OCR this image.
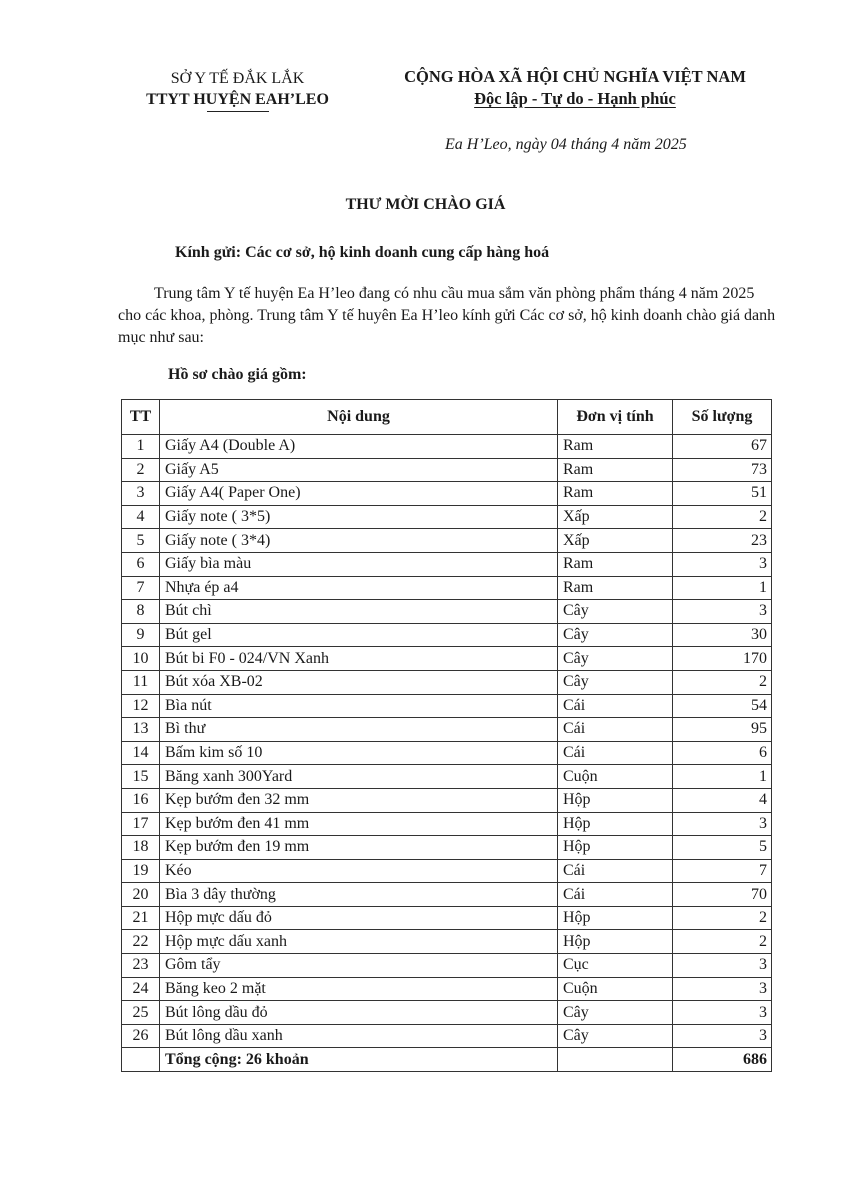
SỞ Y TẾ ĐẮK LẮK
TTYT HUYỆN EAH’LEO
CỘNG HÒA XÃ HỘI CHỦ NGHĨA VIỆT NAM
Độc lập - Tự do - Hạnh phúc
Ea H’Leo, ngày 04 tháng 4 năm 2025
THƯ MỜI CHÀO GIÁ
Kính gửi: Các cơ sở, hộ kinh doanh cung cấp hàng hoá
Trung tâm Y tế huyện Ea H’leo đang có nhu cầu mua sắm văn phòng phẩm tháng 4 năm 2025 cho các khoa, phòng. Trung tâm Y tế huyên Ea H’leo kính gửi Các cơ sở, hộ kinh doanh chào giá danh mục như sau:
Hồ sơ chào giá gồm:
TT	Nội dung	Đơn vị tính	Số lượng
1	Giấy A4 (Double A)	Ram	67
2	Giấy A5	Ram	73
3	Giấy A4( Paper One)	Ram	51
4	Giấy note ( 3*5)	Xấp	2
5	Giấy note ( 3*4)	Xấp	23
6	Giấy bìa màu	Ram	3
7	Nhựa ép a4	Ram	1
8	Bút chì	Cây	3
9	Bút gel	Cây	30
10	Bút bi F0 - 024/VN Xanh	Cây	170
11	Bút xóa XB-02	Cây	2
12	Bìa nút	Cái	54
13	Bì thư	Cái	95
14	Bấm kim số 10	Cái	6
15	Băng xanh 300Yard	Cuộn	1
16	Kẹp bướm đen 32 mm	Hộp	4
17	Kẹp bướm đen 41 mm	Hộp	3
18	Kẹp bướm đen 19 mm	Hộp	5
19	Kéo	Cái	7
20	Bìa 3 dây thường	Cái	70
21	Hộp mực dấu đỏ	Hộp	2
22	Hộp mực dấu xanh	Hộp	2
23	Gôm tẩy	Cục	3
24	Băng keo 2 mặt	Cuộn	3
25	Bút lông dầu đỏ	Cây	3
26	Bút lông dầu xanh	Cây	3
	Tổng cộng: 26 khoản		686
